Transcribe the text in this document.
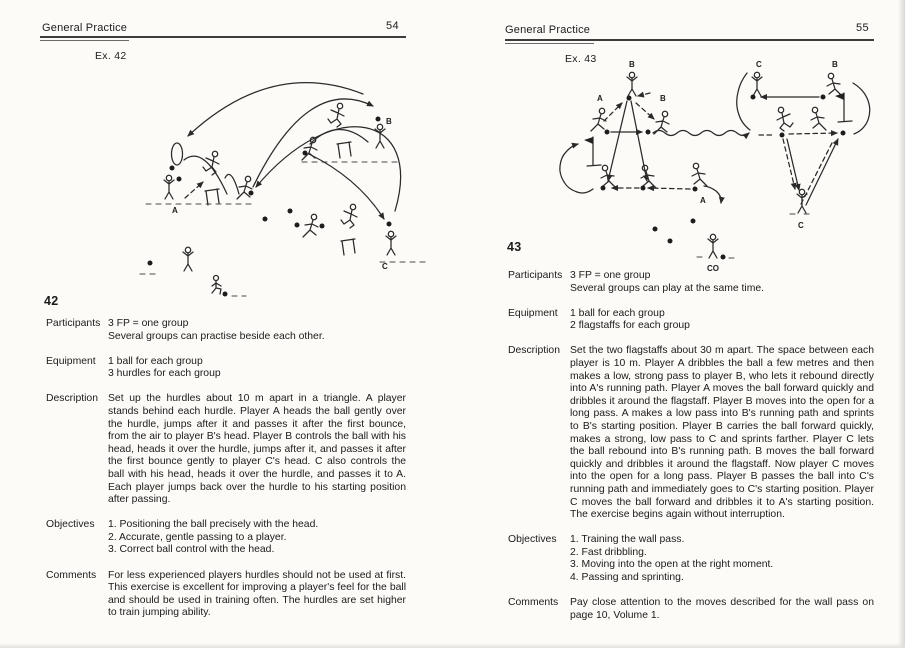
General Practice	54
Ex. 42
A
B
C
42
Participants 3 FP = one group
Several groups can practise beside each other.
Equipment	1 ball for each group
3 hurdles for each group
Description Set up the hurdles about 10 m apart in a triangle. A player stands behind each hurdle. Player A heads the ball gently over the hurdle, jumps after it and passes it after the first bounce, from the air to player B's head. Player B controls the ball with his head, heads it over the hurdle, jumps after it, and passes it after the first bounce gently to player C's head. C also controls the ball with his head, heads it over the hurdle, and passes it to A. Each player jumps back over the hurdle to his starting position after passing.
Objectives	1. Positioning the ball precisely with the head.
2. Accurate, gentle passing to a player.
3. Correct ball control with the head.
Comments	For less experienced players hurdles should not be used at first. This exercise is excellent for improving a player's feel for the ball and should be used in training often. The hurdles are set higher to train jumping ability.
General Practice	55
Ex. 43	B
A	B
A
CO
C	B
C
43
Participants 3 FP = one group
Several groups can play at the same time.
Equipment	1 ball for each group
2 flagstaffs for each group
Description Set the two flagstaffs about 30 m apart. The space between each player is 10 m. Player A dribbles the ball a few metres and then makes a low, strong pass to player B, who lets it rebound directly into A's running path. Player A moves the ball forward quickly and dribbles it around the flagstaff. Player B moves into the open for a long pass. A makes a low pass into B's running path and sprints to B's starting position. Player B carries the ball forward quickly, makes a strong, low pass to C and sprints farther. Player C lets the ball rebound into B's running path. B moves the ball forward quickly and dribbles it around the flagstaff. Now player C moves into the open for a long pass. Player B passes the ball into C's running path and immediately goes to C's starting position. Player C moves the ball forward and dribbles it to A's starting position. The exercise begins again without interruption.
Objectives	1. Training the wall pass.
2. Fast dribbling.
3. Moving into the open at the right moment.
4. Passing and sprinting.
Comments	Pay close attention to the moves described for the wall pass on page 10, Volume 1.
